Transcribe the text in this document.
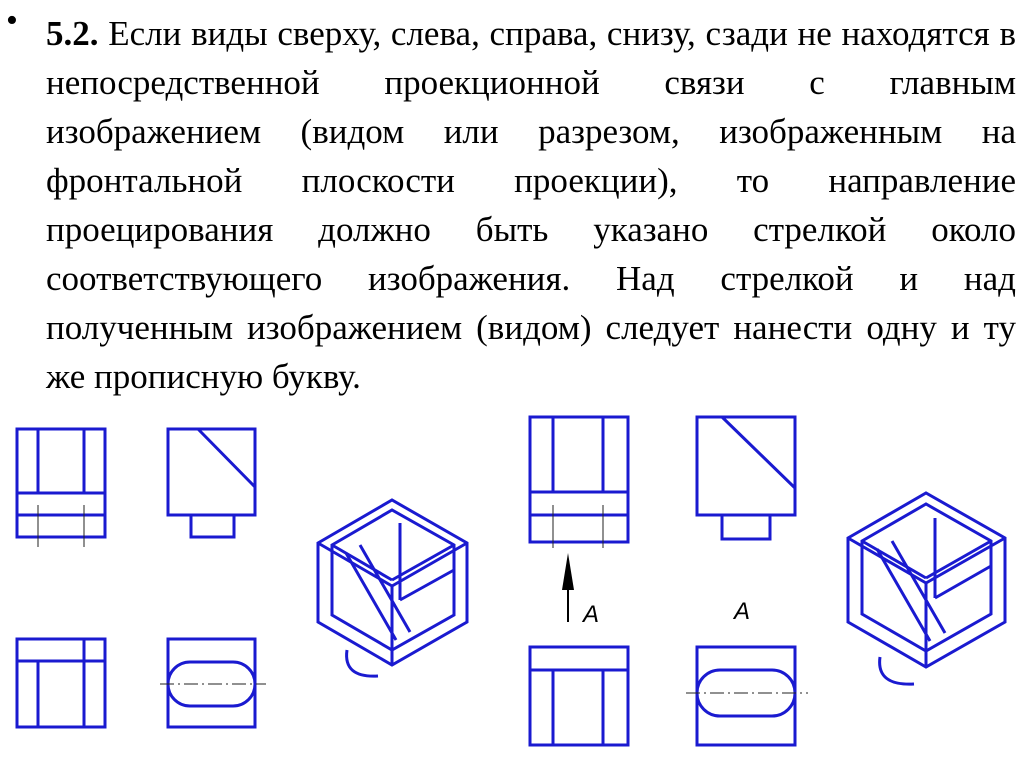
• 5.2. Если виды сверху, слева, справа, снизу, сзади не находятся в непосредственной проекционной связи с главным изображением (видом или разрезом, изображенным на фронтальной плоскости проекции), то направление проецирования должно быть указано стрелкой около соответствующего изображения. Над стрелкой и над полученным изображением (видом) следует нанести одну и ту же прописную букву.
A	A
